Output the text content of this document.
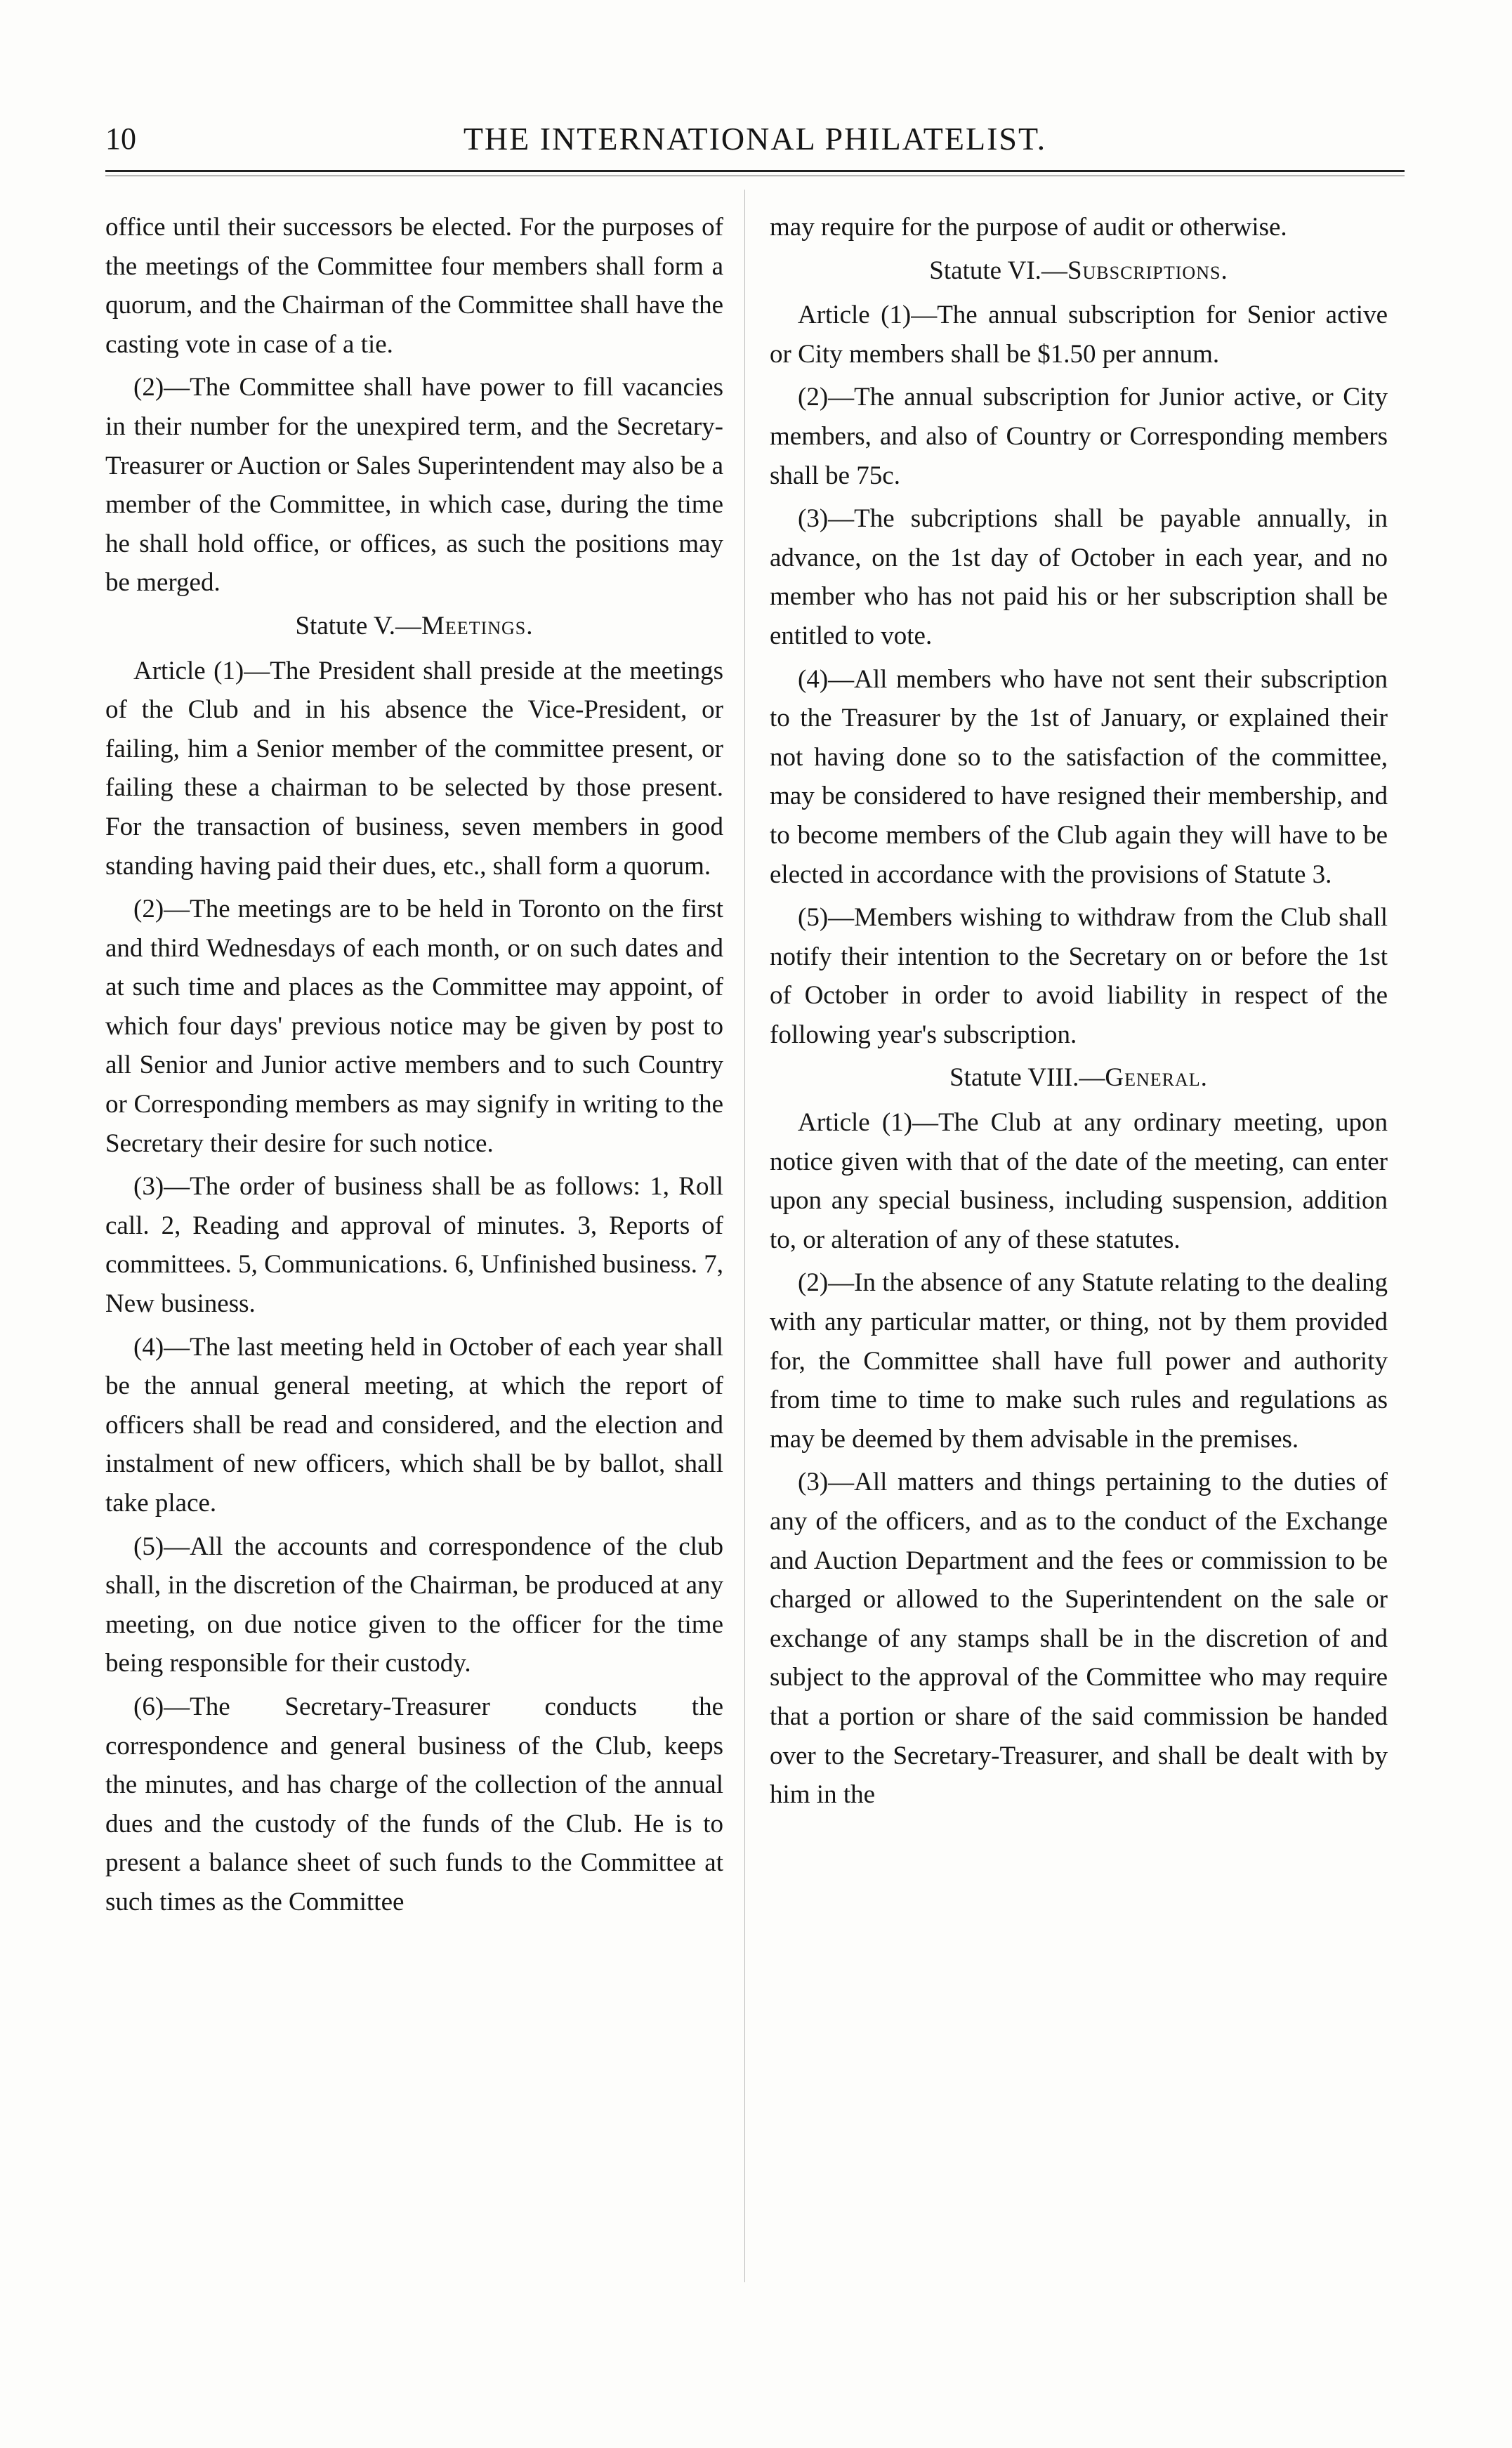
10	THE INTERNATIONAL PHILATELIST.

office until their successors be elected. For the purposes of the meetings of the Committee four members shall form a quorum, and the Chairman of the Committee shall have the casting vote in case of a tie.

(2)—The Committee shall have power to fill vacancies in their number for the unexpired term, and the Secretary-Treasurer or Auction or Sales Superintendent may also be a member of the Committee, in which case, during the time he shall hold office, or offices, as such the positions may be merged.

Statute V.—Meetings.

Article (1)—The President shall preside at the meetings of the Club and in his absence the Vice-President, or failing, him a Senior member of the committee present, or failing these a chairman to be selected by those present. For the transaction of business, seven members in good standing having paid their dues, etc., shall form a quorum.

(2)—The meetings are to be held in Toronto on the first and third Wednesdays of each month, or on such dates and at such time and places as the Committee may appoint, of which four days' previous notice may be given by post to all Senior and Junior active members and to such Country or Corresponding members as may signify in writing to the Secretary their desire for such notice.

(3)—The order of business shall be as follows: 1, Roll call. 2, Reading and approval of minutes. 3, Reports of committees. 5, Communications. 6, Unfinished business. 7, New business.

(4)—The last meeting held in October of each year shall be the annual general meeting, at which the report of officers shall be read and considered, and the election and instalment of new officers, which shall be by ballot, shall take place.

(5)—All the accounts and correspondence of the club shall, in the discretion of the Chairman, be produced at any meeting, on due notice given to the officer for the time being responsible for their custody.

(6)—The Secretary-Treasurer conducts the correspondence and general business of the Club, keeps the minutes, and has charge of the collection of the annual dues and the custody of the funds of the Club. He is to present a balance sheet of such funds to the Committee at such times as the Committee

may require for the purpose of audit or otherwise.

Statute VI.—Subscriptions.

Article (1)—The annual subscription for Senior active or City members shall be $1.50 per annum.

(2)—The annual subscription for Junior active, or City members, and also of Country or Corresponding members shall be 75c.

(3)—The subcriptions shall be payable annually, in advance, on the 1st day of October in each year, and no member who has not paid his or her subscription shall be entitled to vote.

(4)—All members who have not sent their subscription to the Treasurer by the 1st of January, or explained their not having done so to the satisfaction of the committee, may be considered to have resigned their membership, and to become members of the Club again they will have to be elected in accordance with the provisions of Statute 3.

(5)—Members wishing to withdraw from the Club shall notify their intention to the Secretary on or before the 1st of October in order to avoid liability in respect of the following year's subscription.

Statute VIII.—General.

Article (1)—The Club at any ordinary meeting, upon notice given with that of the date of the meeting, can enter upon any special business, including suspension, addition to, or alteration of any of these statutes.

(2)—In the absence of any Statute relating to the dealing with any particular matter, or thing, not by them provided for, the Committee shall have full power and authority from time to time to make such rules and regulations as may be deemed by them advisable in the premises.

(3)—All matters and things pertaining to the duties of any of the officers, and as to the conduct of the Exchange and Auction Department and the fees or commission to be charged or allowed to the Superintendent on the sale or exchange of any stamps shall be in the discretion of and subject to the approval of the Committee who may require that a portion or share of the said commission be handed over to the Secretary-Treasurer, and shall be dealt with by him in the
